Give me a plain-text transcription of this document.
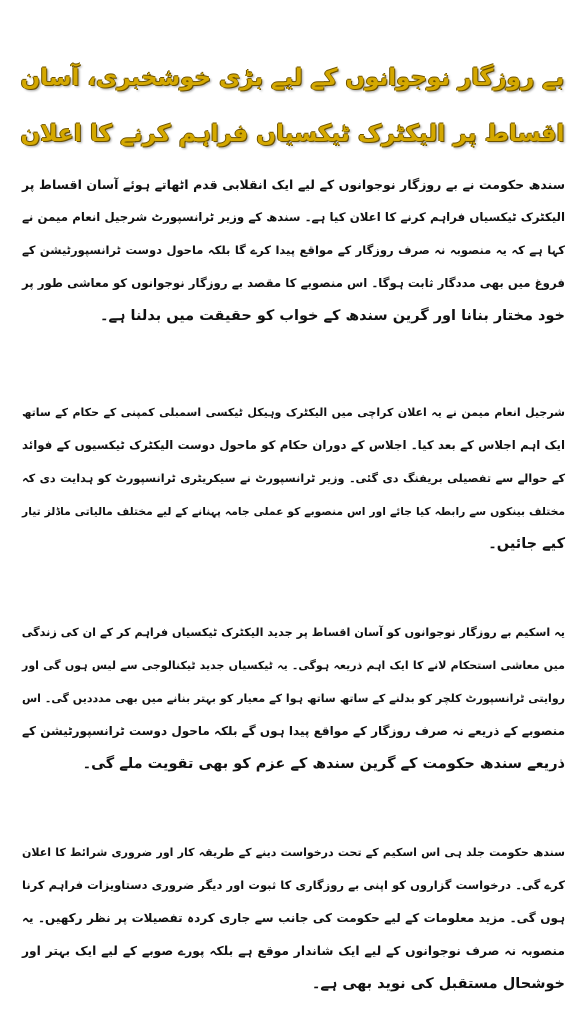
بے روزگار نوجوانوں کے لیے بڑی خوشخبری، آسان
اقساط پر الیکٹرک ٹیکسیاں فراہم کرنے کا اعلان

سندھ حکومت نے بے روزگار نوجوانوں کے لیے ایک انقلابی قدم اٹھاتے ہوئے آسان اقساط پر
الیکٹرک ٹیکسیاں فراہم کرنے کا اعلان کیا ہے۔ سندھ کے وزیر ٹرانسپورٹ شرجیل انعام میمن نے
کہا ہے کہ یہ منصوبہ نہ صرف روزگار کے مواقع پیدا کرے گا بلکہ ماحول دوست ٹرانسپورٹیشن کے
فروغ میں بھی مددگار ثابت ہوگا۔ اس منصوبے کا مقصد بے روزگار نوجوانوں کو معاشی طور پر
خود مختار بنانا اور گرین سندھ کے خواب کو حقیقت میں بدلنا ہے۔

شرجیل انعام میمن نے یہ اعلان کراچی میں الیکٹرک وہیکل ٹیکسی اسمبلی کمپنی کے حکام کے ساتھ
ایک اہم اجلاس کے بعد کیا۔ اجلاس کے دوران حکام کو ماحول دوست الیکٹرک ٹیکسیوں کے فوائد
کے حوالے سے تفصیلی بریفنگ دی گئی۔ وزیر ٹرانسپورٹ نے سیکریٹری ٹرانسپورٹ کو ہدایت دی کہ
مختلف بینکوں سے رابطہ کیا جائے اور اس منصوبے کو عملی جامہ پہنانے کے لیے مختلف مالیاتی ماڈلز تیار
کیے جائیں۔

یہ اسکیم بے روزگار نوجوانوں کو آسان اقساط پر جدید الیکٹرک ٹیکسیاں فراہم کر کے ان کی زندگی
میں معاشی استحکام لانے کا ایک اہم ذریعہ ہوگی۔ یہ ٹیکسیاں جدید ٹیکنالوجی سے لیس ہوں گی اور
روایتی ٹرانسپورٹ کلچر کو بدلنے کے ساتھ ساتھ ہوا کے معیار کو بہتر بنانے میں بھی مدددیں گی۔ اس
منصوبے کے ذریعے نہ صرف روزگار کے مواقع پیدا ہوں گے بلکہ ماحول دوست ٹرانسپورٹیشن کے
ذریعے سندھ حکومت کے گرین سندھ کے عزم کو بھی تقویت ملے گی۔

سندھ حکومت جلد ہی اس اسکیم کے تحت درخواست دینے کے طریقہ کار اور ضروری شرائط کا اعلان
کرے گی۔ درخواست گزاروں کو اپنی بے روزگاری کا ثبوت اور دیگر ضروری دستاویزات فراہم کرنا
ہوں گی۔ مزید معلومات کے لیے حکومت کی جانب سے جاری کردہ تفصیلات پر نظر رکھیں۔ یہ
منصوبہ نہ صرف نوجوانوں کے لیے ایک شاندار موقع ہے بلکہ پورے صوبے کے لیے ایک بہتر اور
خوشحال مستقبل کی نوید بھی ہے۔
